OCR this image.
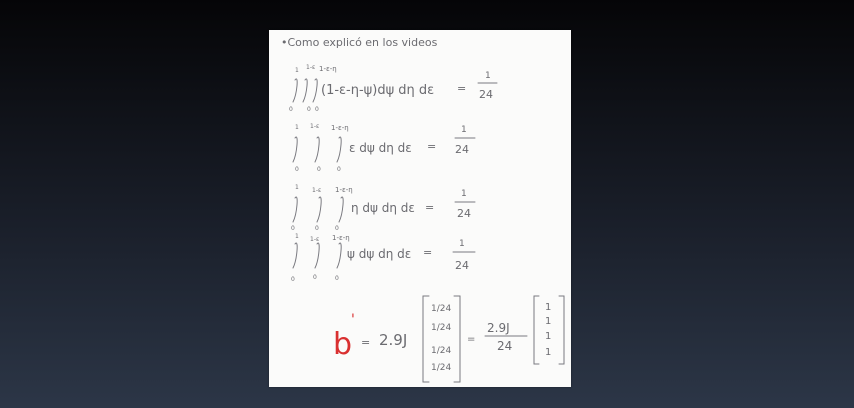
•Como explicó en los videos
1 1-ε 1-ε-η
0 0 0
(1-ε-η-ψ)dψ dη dε =
1
24
1 1-ε 1-ε-η
0	0	0
ε dψ dη dε =
1
24
1 1-ε 1-ε-η
0	0	0
η dψ dη dε =
1
24
1 1-ε 1-ε-η
0	0	0
ψ dψ dη dε =
1
24
b
'
= 2.9J
1/24
1/24
1/24
1/24
=
2.9J
24
1
1
1
1
